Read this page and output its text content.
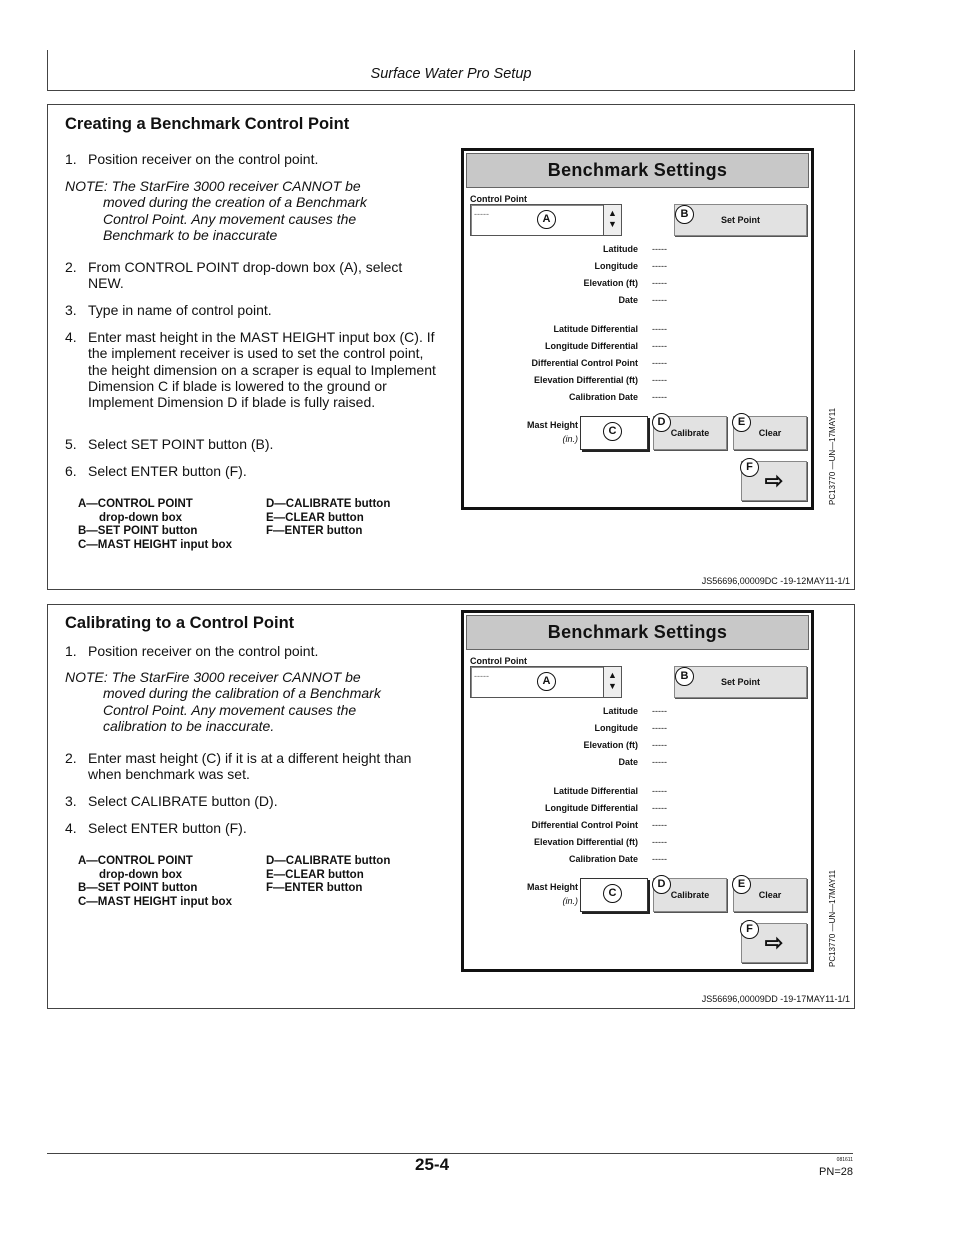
Surface Water Pro Setup
Creating a Benchmark Control Point
1. Position receiver on the control point.
NOTE: The StarFire 3000 receiver CANNOT be
moved during the creation of a Benchmark Control Point. Any movement causes the Benchmark to be inaccurate
2. From CONTROL POINT drop-down box (A), select NEW.
3. Type in name of control point.
4. Enter mast height in the MAST HEIGHT input box (C). If the implement receiver is used to set the control point, the height dimension on a scraper is equal to Implement Dimension C if blade is lowered to the ground or Implement Dimension D if blade is fully raised.
5. Select SET POINT button (B).
6. Select ENTER button (F).
A—CONTROL POINT

drop-down box
B—SET POINT button
C—MAST HEIGHT input box
D—CALIBRATE button
E—CLEAR button
F—ENTER button
Benchmark Settings
Control Point
-----	▲
▼
A	Set Point
B
Latitude -----
Longitude -----
Elevation (ft) -----
Date -----
Latitude Differential -----
Longitude Differential -----
Differential Control Point -----
Elevation Differential (ft) -----
Calibration Date -----
Mast Height
(in.)
C	Calibrate
D
Clear
E
⇨
F	PC13770 —UN—17MAY11
JS56696,00009DC -19-12MAY11-1/1
Calibrating to a Control Point
1. Position receiver on the control point.
NOTE: The StarFire 3000 receiver CANNOT be
moved during the calibration of a Benchmark Control Point. Any movement causes the calibration to be inaccurate.
2. Enter mast height (C) if it is at a different height than when benchmark was set.
3. Select CALIBRATE button (D).
4. Select ENTER button (F).
A—CONTROL POINT

drop-down box
B—SET POINT button
C—MAST HEIGHT input box
D—CALIBRATE button
E—CLEAR button
F—ENTER button
Benchmark Settings
Control Point
-----	▲
▼
A	Set Point
B
Latitude -----
Longitude -----
Elevation (ft) -----
Date -----
Latitude Differential -----
Longitude Differential -----
Differential Control Point -----
Elevation Differential (ft) -----
Calibration Date -----
Mast Height
(in.)
C	Calibrate
D
Clear
E
⇨
F	PC13770 —UN—17MAY11
JS56696,00009DD -19-17MAY11-1/1
25-4	081611
PN=28
